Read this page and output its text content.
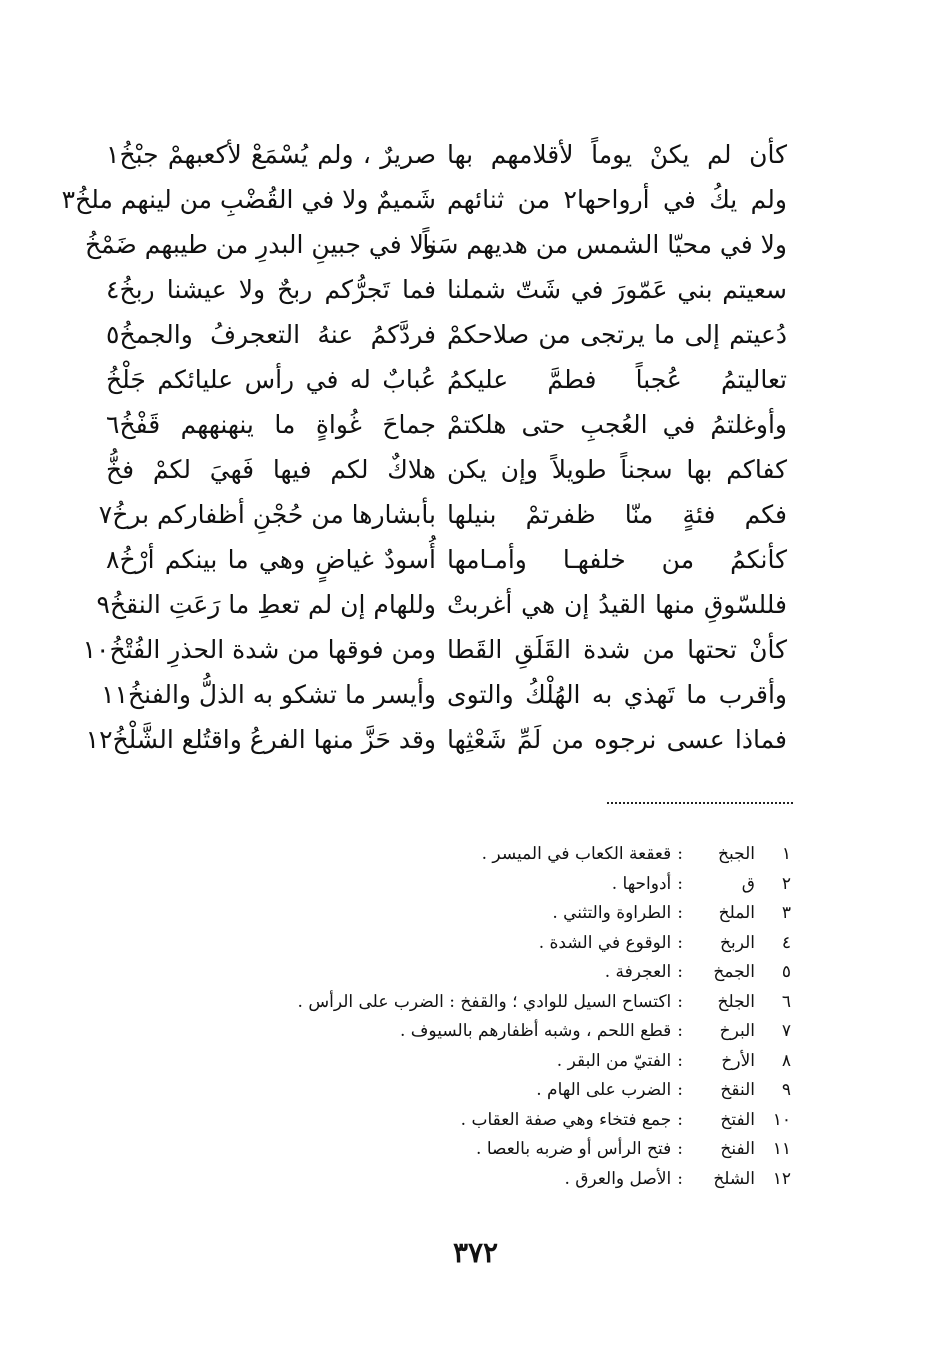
كأن لم يكنْ يوماً لأقلامهم بها
ولم يكُ في أرواحها٢ من ثنائهم
ولا في محيّا الشمس من هديهم سَناً
سعيتم بني عَمّورَ في شَتّ شملنا
دُعيتم إلى ما يرتجى من صلاحكمْ
تعاليتمُ عُجباً فطمَّ عليكمُ
وأوغلتمُ في العُجبِ حتى هلكتمْ
كفاكم بها سجناً طويلاً وإن يكن
فكم فئةٍ منّا ظفرتمْ بنيلها
كأنكمُ من خلفهـا وأمـامها
فللسّوقِ منها القيدُ إن هي أغربتْ
كأنْ تحتها من شدة القَلَقِ القَطا
وأقرب ما تَهذي به الهُلْكُ والتوى
فماذا عسى نرجوه من لَمِّ شَعْثِها
صريرٌ ، ولم يُسْمَعْ لأكعبهمْ جبْخُ١
شَميمٌ ولا في القُضْبِ من لينهم ملخُ٣
ولا في جبينِ البدرِ من طيبهم ضَمْخُ
فما تَجرُّكم ربحٌ ولا عيشنا ربخُ٤
فردَّكمُ عنهُ التعجرفُ والجمخُ٥
عُبابٌ له في رأس عليائكم جَلْخُ
جماحَ غُواةٍ ما ينهنههم قَفْخُ٦
هلاكٌ لكم فيها فَهيَ لكمْ فخُّ
بأبشارها من حُجْنِ أظفاركم برخُ٧
أُسودٌ غياضٍ وهي ما بينكم أرْخُ٨
وللهام إن لم تعطِ ما رَعَتِ النقخُ٩
ومن فوقها من شدة الحذرِ الفُتْخُ١٠
وأيسر ما تشكو به الذلُّ والفنخُ١١
وقد حَزَّ منها الفرعُ واقتُلع الشَّلْخُ١٢
١
الجبخ
:
قعقعة الكعاب في الميسر .
٢
ق
:
أدواحها .
٣
الملخ
:
الطراوة والتثني .
٤
الربخ
:
الوقوع في الشدة .
٥
الجمخ
:
العجرفة .
٦
الجلخ
:
اكتساح السيل للوادي ؛ والقفخ : الضرب على الرأس .
٧
البرخ
:
قطع اللحم ، وشبه أظفارهم بالسيوف .
٨
الأرخ
:
الفتيّ من البقر .
٩
النقخ
:
الضرب على الهام .
١٠
الفتخ
:
جمع فتخاء وهي صفة العقاب .
١١
الفنخ
:
فتح الرأس أو ضربه بالعصا .
١٢
الشلخ
:
الأصل والعرق .
٣٧٢
